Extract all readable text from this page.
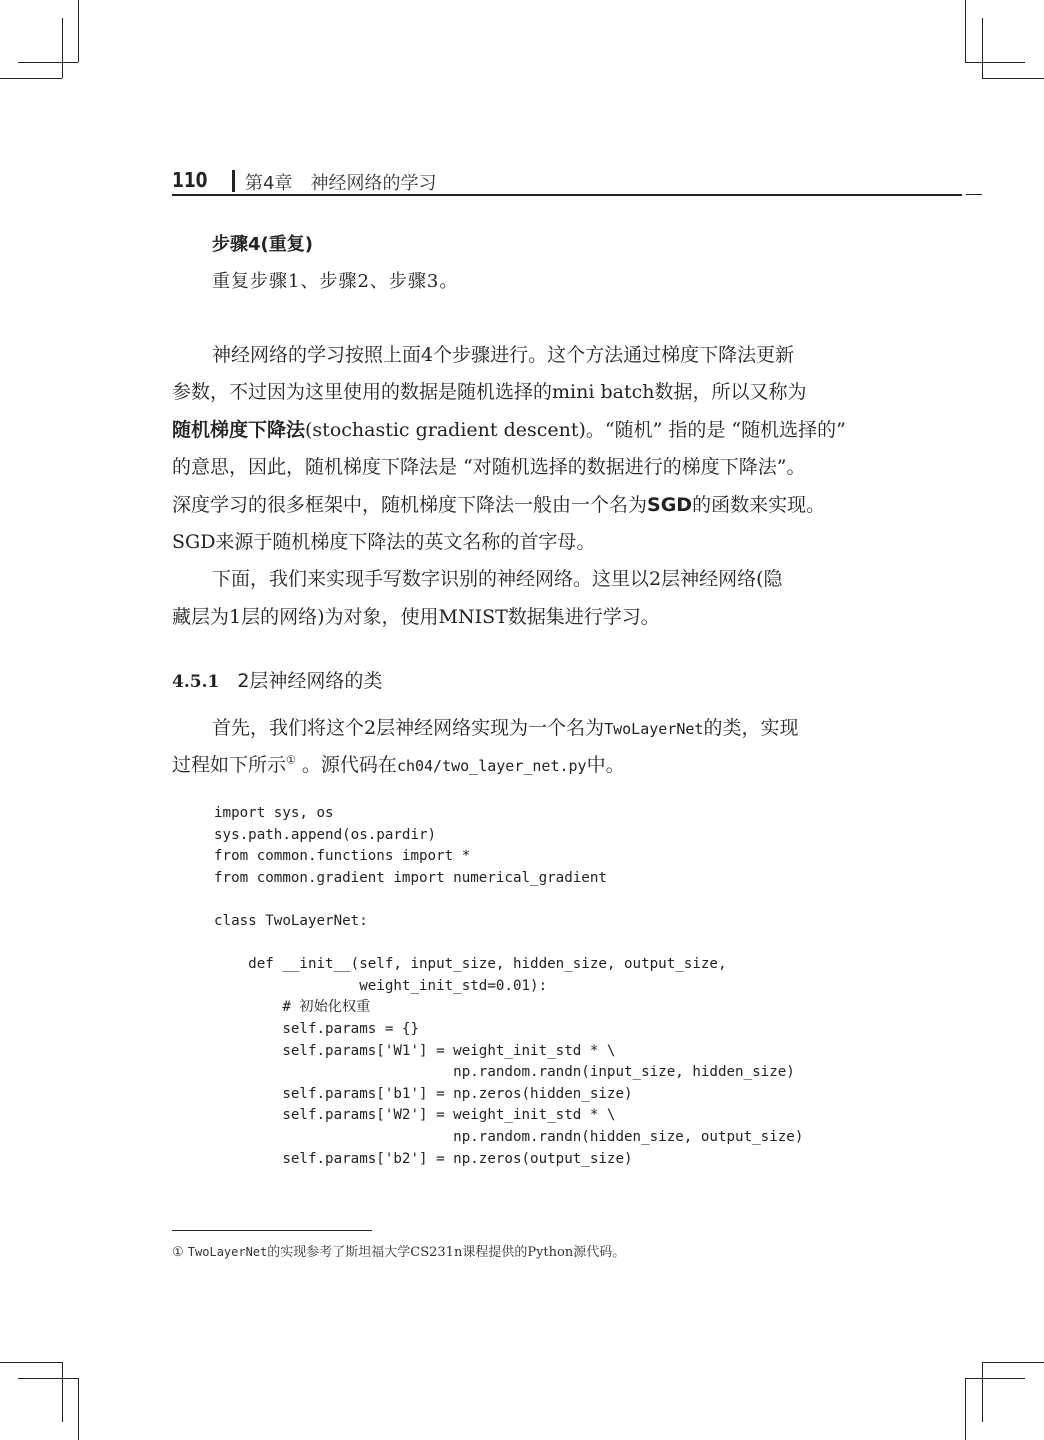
110 第4章　神经网络的学习
步骤4(重复)
重复步骤1、步骤2、步骤3。
神经网络的学习按照上面4个步骤进行。这个方法通过梯度下降法更新
参数，不过因为这里使用的数据是随机选择的mini batch数据，所以又称为
随机梯度下降法(stochastic gradient descent)。“随机” 指的是 “随机选择的”
的意思，因此，随机梯度下降法是 “对随机选择的数据进行的梯度下降法”。
深度学习的很多框架中，随机梯度下降法一般由一个名为SGD的函数来实现。
SGD来源于随机梯度下降法的英文名称的首字母。
下面，我们来实现手写数字识别的神经网络。这里以2层神经网络(隐
藏层为1层的网络)为对象，使用MNIST数据集进行学习。
4.5.1 2层神经网络的类
首先，我们将这个2层神经网络实现为一个名为TwoLayerNet的类，实现
过程如下所示① 。源代码在ch04/two_layer_net.py中。
import sys, os
sys.path.append(os.pardir)
from common.functions import *
from common.gradient import numerical_gradient
class TwoLayerNet:
def __init__(self, input_size, hidden_size, output_size,
weight_init_std=0.01):
# 初始化权重
self.params = {}
self.params['W1'] = weight_init_std * \
np.random.randn(input_size, hidden_size)
self.params['b1'] = np.zeros(hidden_size)
self.params['W2'] = weight_init_std * \
np.random.randn(hidden_size, output_size)
self.params['b2'] = np.zeros(output_size)
① TwoLayerNet的实现参考了斯坦福大学CS231n课程提供的Python源代码。
